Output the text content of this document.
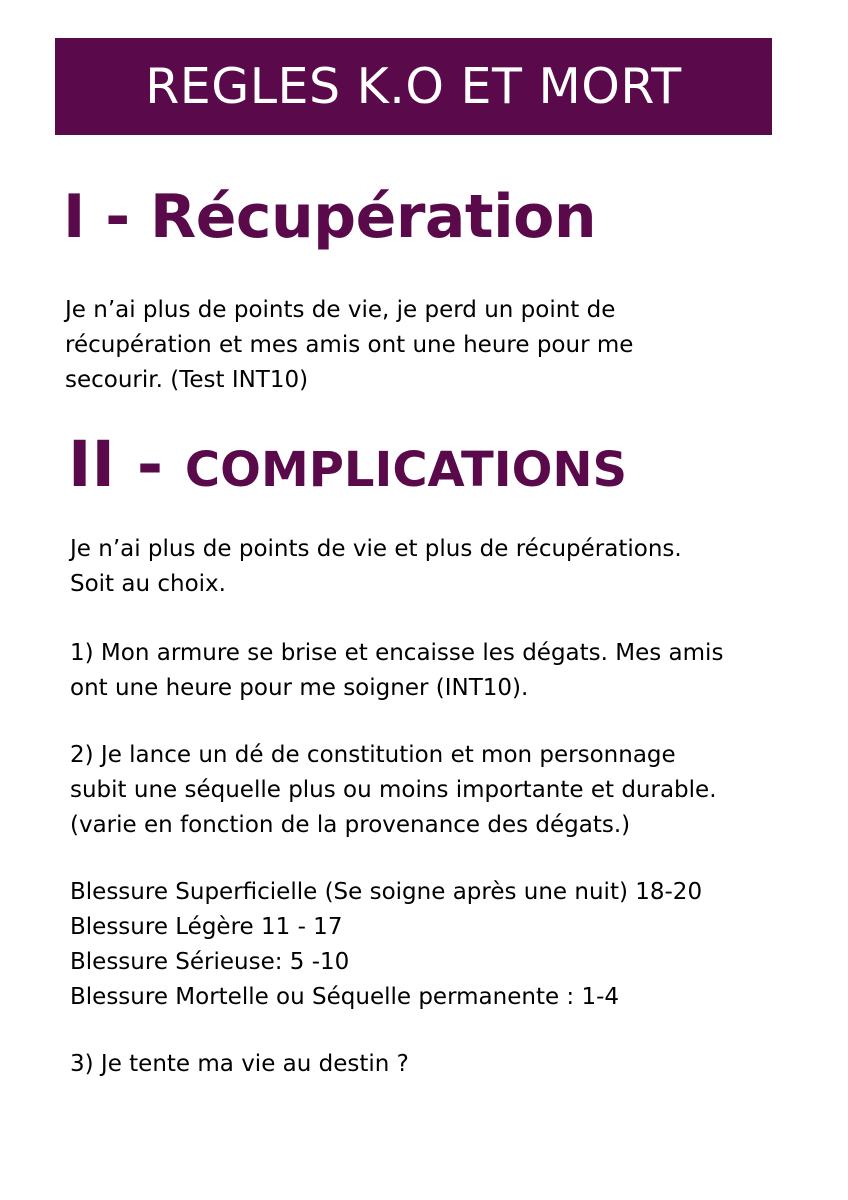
REGLES K.O ET MORT
I - Récupération
Je n’ai plus de points de vie, je perd un point de
récupération et mes amis ont une heure pour me
secourir. (Test INT10)
II - COMPLICATIONS
Je n’ai plus de points de vie et plus de récupérations.
Soit au choix.
1) Mon armure se brise et encaisse les dégats. Mes amis
ont une heure pour me soigner (INT10).
2) Je lance un dé de constitution et mon personnage
subit une séquelle plus ou moins importante et durable.
(varie en fonction de la provenance des dégats.)
Blessure Superficielle (Se soigne après une nuit) 18-20
Blessure Légère 11 - 17
Blessure Sérieuse: 5 -10
Blessure Mortelle ou Séquelle permanente : 1-4
3) Je tente ma vie au destin ?
